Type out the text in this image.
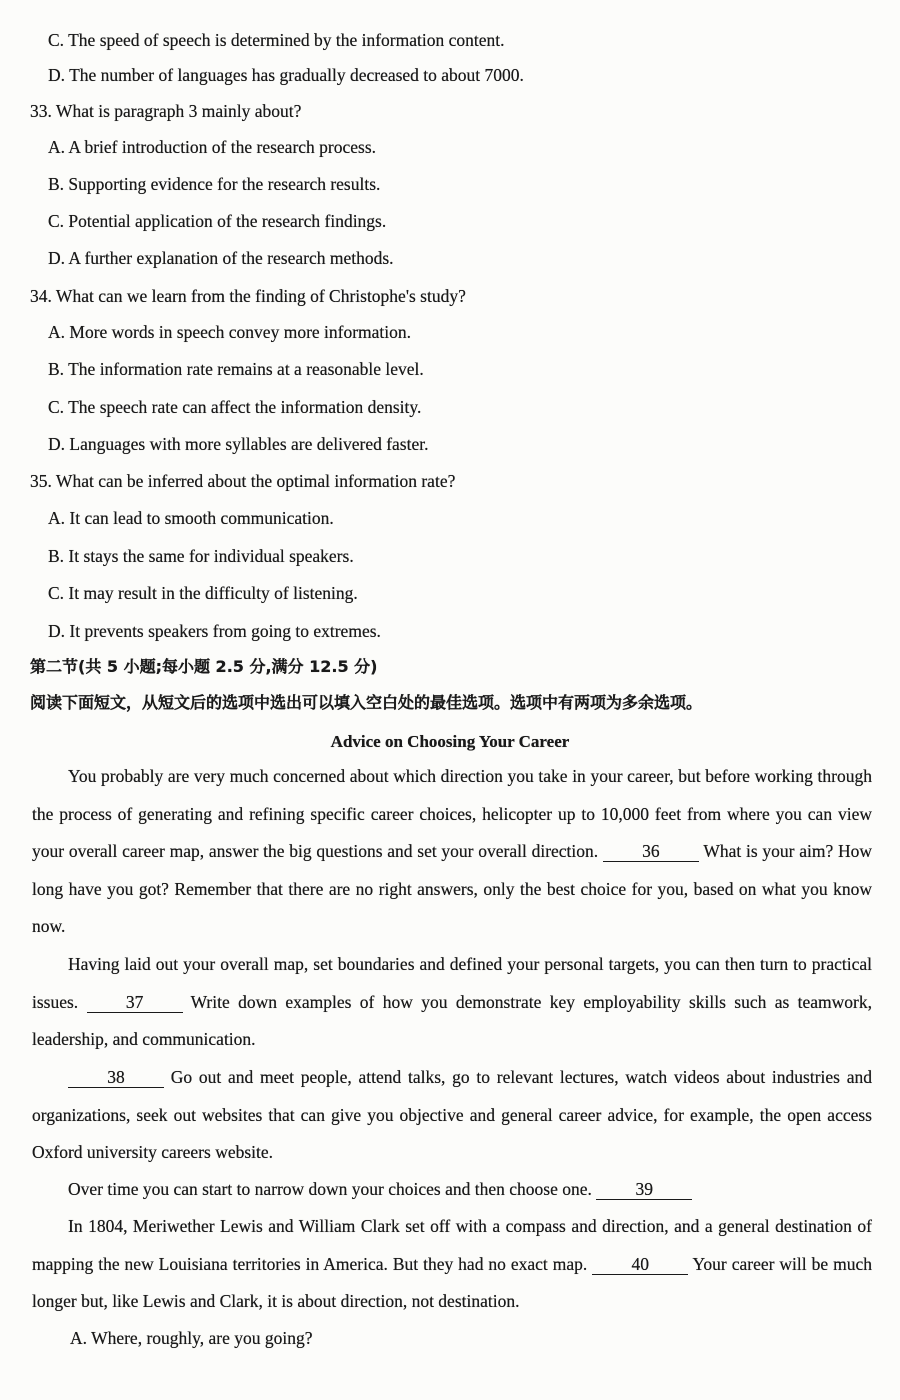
C. The speed of speech is determined by the information content.
D. The number of languages has gradually decreased to about 7000.
33. What is paragraph 3 mainly about?
A. A brief introduction of the research process.
B. Supporting evidence for the research results.
C. Potential application of the research findings.
D. A further explanation of the research methods.
34. What can we learn from the finding of Christophe's study?
A. More words in speech convey more information.
B. The information rate remains at a reasonable level.
C. The speech rate can affect the information density.
D. Languages with more syllables are delivered faster.
35. What can be inferred about the optimal information rate?
A. It can lead to smooth communication.
B. It stays the same for individual speakers.
C. It may result in the difficulty of listening.
D. It prevents speakers from going to extremes.
第二节(共 5 小题;每小题 2.5 分,满分 12.5 分)
阅读下面短文，从短文后的选项中选出可以填入空白处的最佳选项。选项中有两项为多余选项。
Advice on Choosing Your Career
You probably are very much concerned about which direction you take in your career, but before working through the process of generating and refining specific career choices, helicopter up to 10,000 feet from where you can view your overall career map, answer the big questions and set your overall direction. 36 What is your aim? How long have you got? Remember that there are no right answers, only the best choice for you, based on what you know now.
Having laid out your overall map, set boundaries and defined your personal targets, you can then turn to practical issues. 37 Write down examples of how you demonstrate key employability skills such as teamwork, leadership, and communication.
38 Go out and meet people, attend talks, go to relevant lectures, watch videos about industries and organizations, seek out websites that can give you objective and general career advice, for example, the open access Oxford university careers website.
Over time you can start to narrow down your choices and then choose one. 39
In 1804, Meriwether Lewis and William Clark set off with a compass and direction, and a general destination of mapping the new Louisiana territories in America. But they had no exact map. 40 Your career will be much longer but, like Lewis and Clark, it is about direction, not destination.
A. Where, roughly, are you going?
